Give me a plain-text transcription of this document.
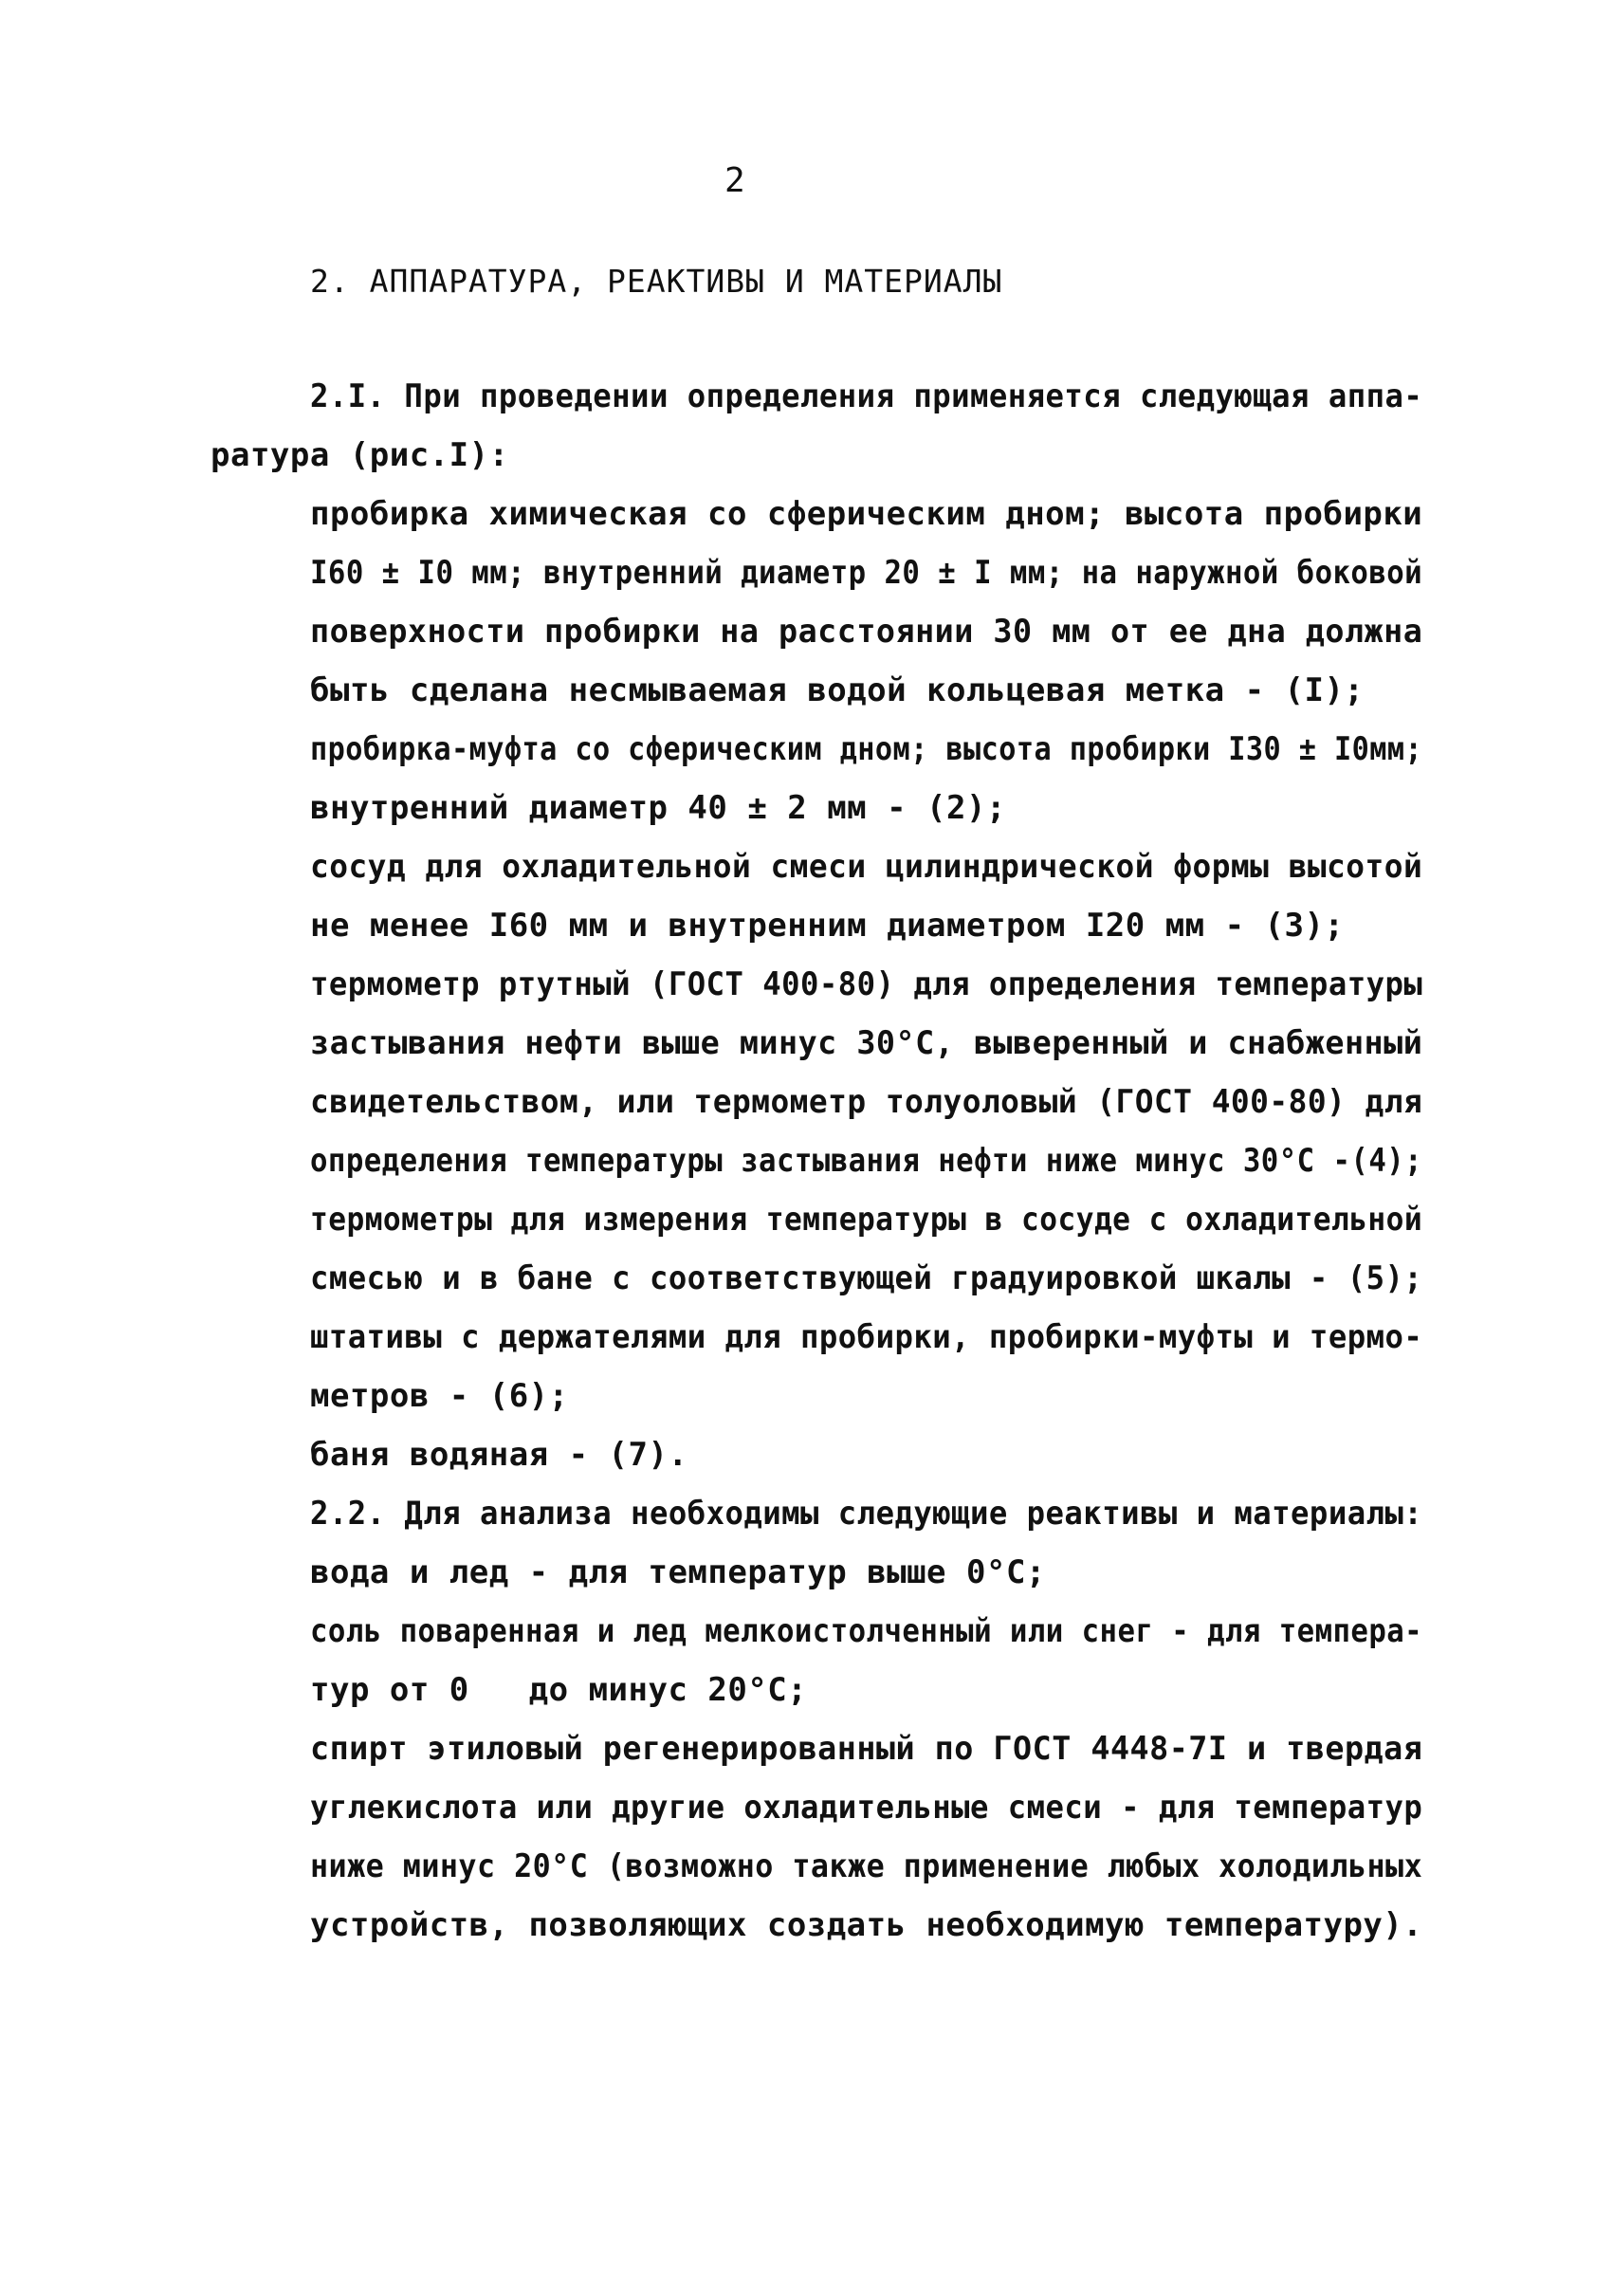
2
2. АППАРАТУРА, РЕАКТИВЫ И МАТЕРИАЛЫ
2.I. При проведении определения применяется следующая аппа-
ратура (рис.I):
пробирка химическая со сферическим дном; высота пробирки
I60 ± I0 мм; внутренний диаметр 20 ± I мм; на наружной боковой
поверхности пробирки на расстоянии 30 мм от ее дна должна
быть сделана несмываемая водой кольцевая метка - (I);
пробирка-муфта со сферическим дном; высота пробирки I30 ± I0мм;
внутренний диаметр 40 ± 2 мм - (2);
сосуд для охладительной смеси цилиндрической формы высотой
не менее I60 мм и внутренним диаметром I20 мм - (3);
термометр ртутный (ГОСТ 400-80) для определения температуры
застывания нефти выше минус 30°С, выверенный и снабженный
свидетельством, или термометр толуоловый (ГОСТ 400-80) для
определения температуры застывания нефти ниже минус 30°С -(4);
термометры для измерения температуры в сосуде с охладительной
смесью и в бане с соответствующей градуировкой шкалы - (5);
штативы с держателями для пробирки, пробирки-муфты и термо-
метров - (6);
баня водяная - (7).
2.2. Для анализа необходимы следующие реактивы и материалы:
вода и лед - для температур выше 0°С;
соль поваренная и лед мелкоистолченный или снег - для темпера-
тур от 0   до минус 20°С;
спирт этиловый регенерированный по ГОСТ 4448-7I и твердая
углекислота или другие охладительные смеси - для температур
ниже минус 20°С (возможно также применение любых холодильных
устройств, позволяющих создать необходимую температуру).
